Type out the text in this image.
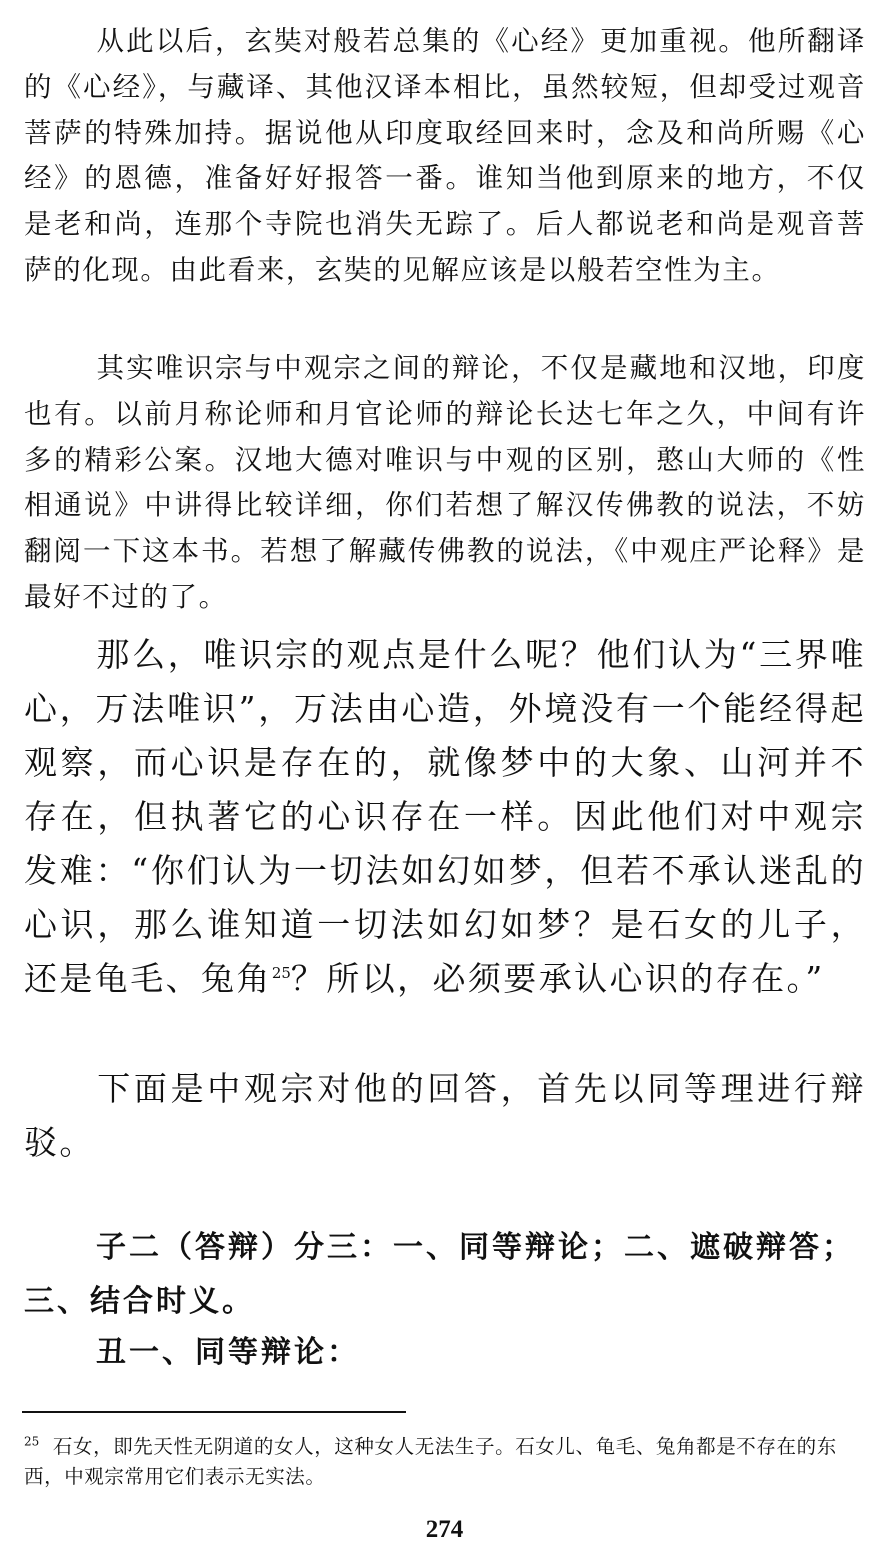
从此以后，玄奘对般若总集的《心经》更加重视。他所翻译的《心经》，与藏译、其他汉译本相比，虽然较短，但却受过观音菩萨的特殊加持。据说他从印度取经回来时，念及和尚所赐《心经》的恩德，准备好好报答一番。谁知当他到原来的地方，不仅是老和尚，连那个寺院也消失无踪了。后人都说老和尚是观音菩萨的化现。由此看来，玄奘的见解应该是以般若空性为主。

其实唯识宗与中观宗之间的辩论，不仅是藏地和汉地，印度也有。以前月称论师和月官论师的辩论长达七年之久，中间有许多的精彩公案。汉地大德对唯识与中观的区别，憨山大师的《性相通说》中讲得比较详细，你们若想了解汉传佛教的说法，不妨翻阅一下这本书。若想了解藏传佛教的说法，《中观庄严论释》是最好不过的了。

那么，唯识宗的观点是什么呢？他们认为“三界唯心，万法唯识”，万法由心造，外境没有一个能经得起观察，而心识是存在的，就像梦中的大象、山河并不存在，但执著它的心识存在一样。因此他们对中观宗发难：“你们认为一切法如幻如梦，但若不承认迷乱的心识，那么谁知道一切法如幻如梦？是石女的儿子，还是龟毛、兔角$^{25}$？所以，必须要承认心识的存在。”

下面是中观宗对他的回答，首先以同等理进行辩驳。

子二（答辩）分三：一、同等辩论；二、遮破辩答；三、结合时义。

丑一、同等辩论：

$^{25}$ 石女，即先天性无阴道的女人，这种女人无法生子。石女儿、龟毛、兔角都是不存在的东西，中观宗常用它们表示无实法。

274
